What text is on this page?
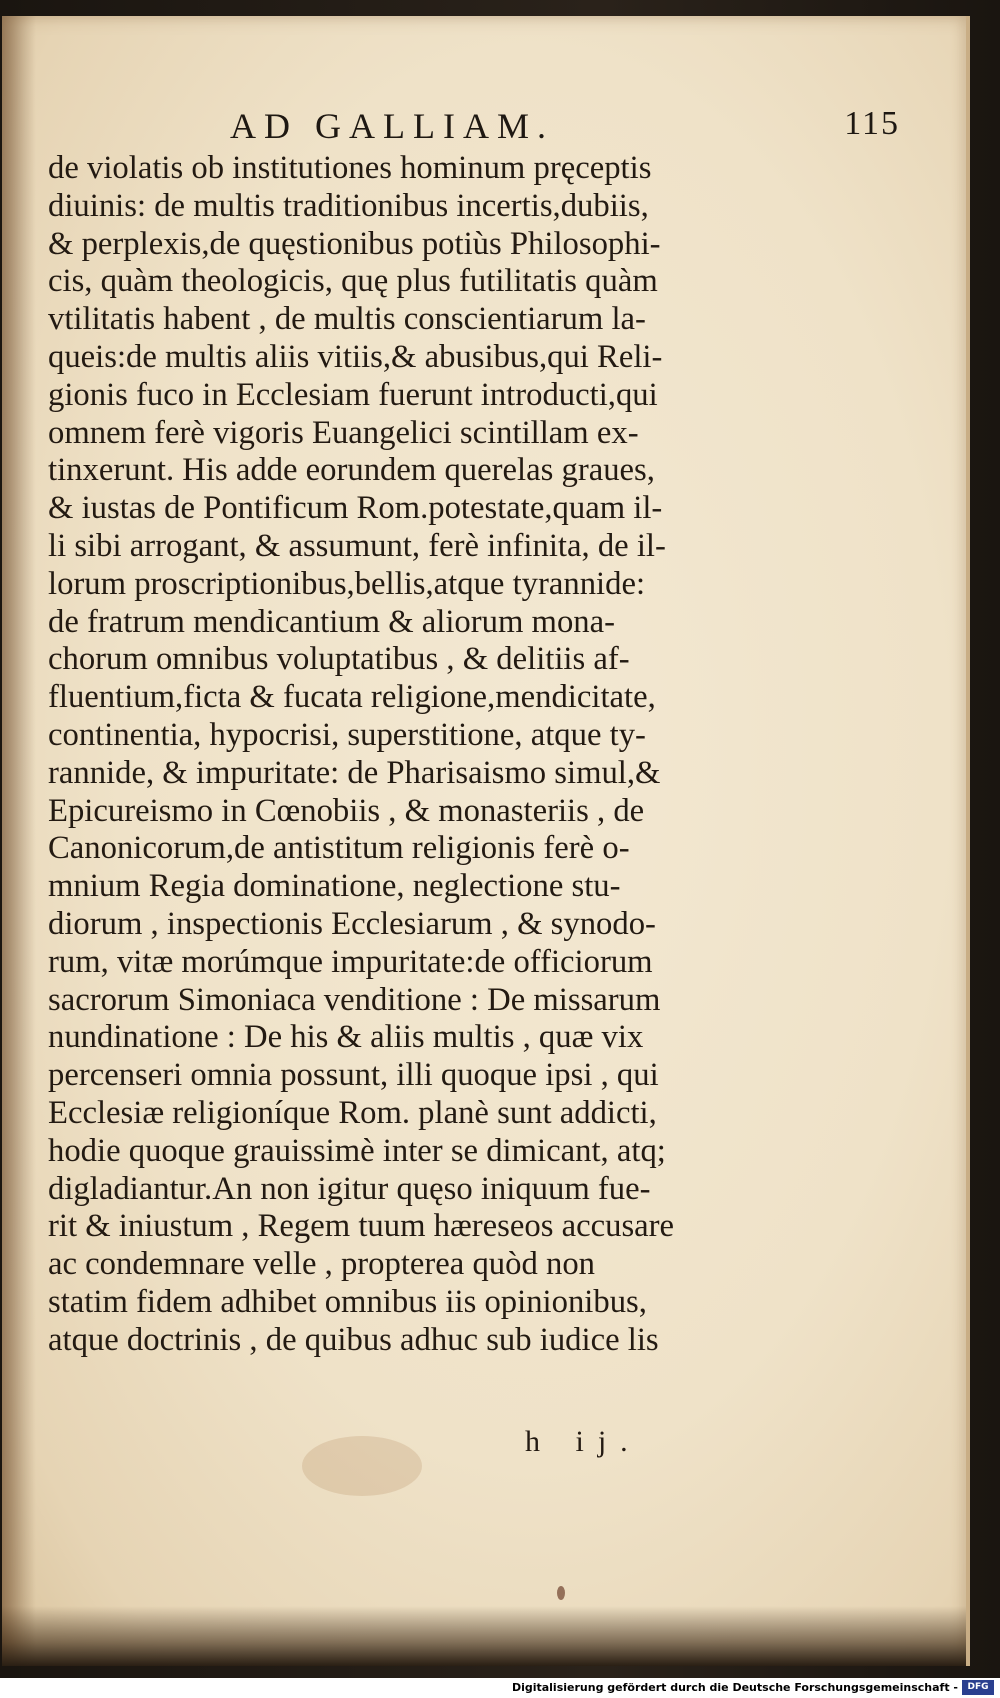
AD GALLIAM.	115
de violatis ob institutiones hominum pręceptis
diuinis: de multis traditionibus incertis,dubiis,
& perplexis,de quęstionibus potiùs Philosophi-
cis, quàm theologicis, quę plus futilitatis quàm
vtilitatis habent , de multis conscientiarum la-
queis:de multis aliis vitiis,& abusibus,qui Reli-
gionis fuco in Ecclesiam fuerunt introducti,qui
omnem ferè vigoris Euangelici scintillam ex-
tinxerunt. His adde eorundem querelas graues,
& iustas de Pontificum Rom.potestate,quam il-
li sibi arrogant, & assumunt, ferè infinita, de il-
lorum proscriptionibus,bellis,atque tyrannide:
de fratrum mendicantium & aliorum mona-
chorum omnibus voluptatibus , & delitiis af-
fluentium,ficta & fucata religione,mendicitate,
continentia, hypocrisi, superstitione, atque ty-
rannide, & impuritate: de Pharisaismo simul,&
Epicureismo in Cœnobiis , & monasteriis , de
Canonicorum,de antistitum religionis ferè o-
mnium Regia dominatione, neglectione stu-
diorum , inspectionis Ecclesiarum , & synodo-
rum, vitæ morúmque impuritate:de officiorum
sacrorum Simoniaca venditione : De missarum
nundinatione : De his & aliis multis , quæ vix
percenseri omnia possunt, illi quoque ipsi , qui
Ecclesiæ religioníque Rom. planè sunt addicti,
hodie quoque grauissimè inter se dimicant, atq;
digladiantur.An non igitur quęso iniquum fue-
rit & iniustum , Regem tuum hæreseos accusare
ac condemnare velle , propterea quòd non
statim fidem adhibet omnibus iis opinionibus,
atque doctrinis , de quibus adhuc sub iudice lis
h ij.
Digitalisierung gefördert durch die Deutsche Forschungsgemeinschaft -	DFG
